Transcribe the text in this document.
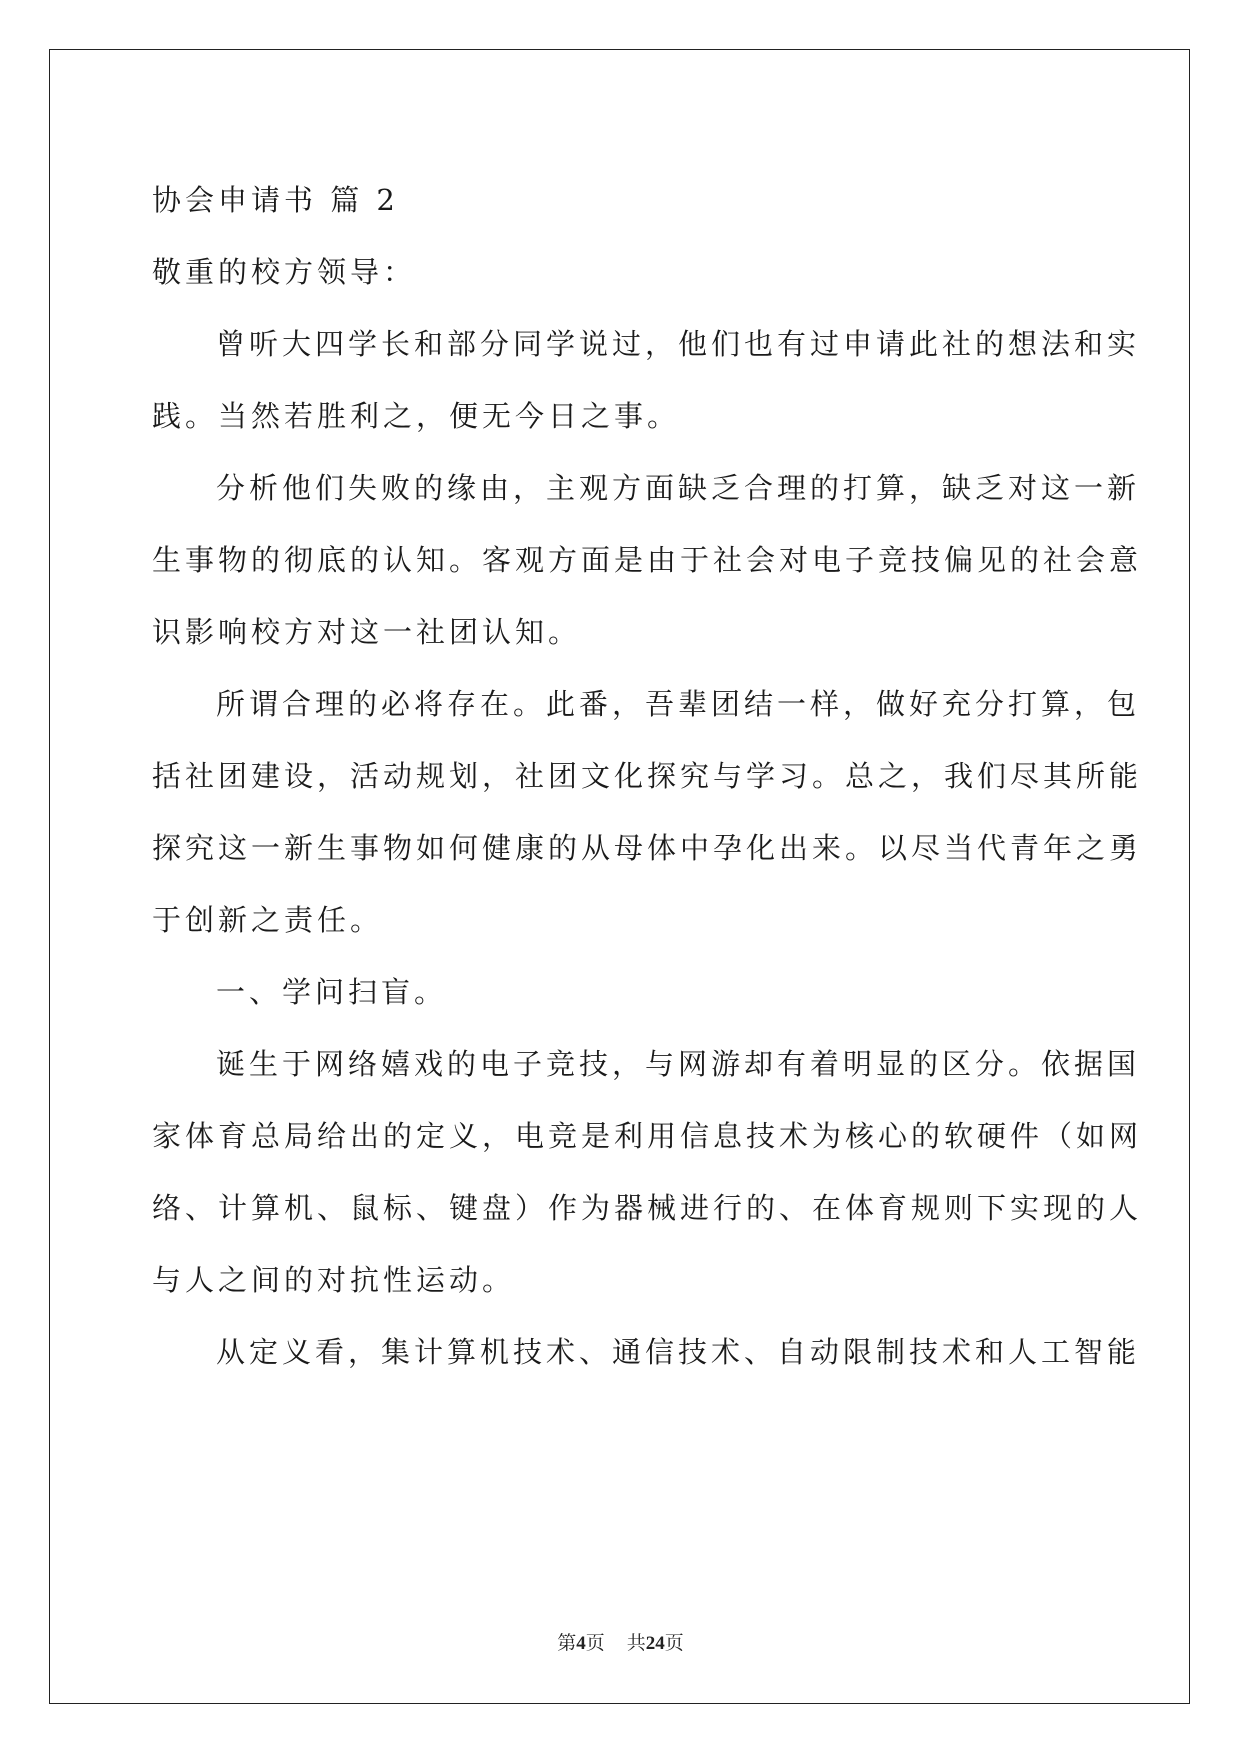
协会申请书 篇 2
敬重的校方领导：
曾听大四学长和部分同学说过，他们也有过申请此社的想法和实
践。当然若胜利之，便无今日之事。
分析他们失败的缘由，主观方面缺乏合理的打算，缺乏对这一新
生事物的彻底的认知。客观方面是由于社会对电子竞技偏见的社会意
识影响校方对这一社团认知。
所谓合理的必将存在。此番，吾辈团结一样，做好充分打算，包
括社团建设，活动规划，社团文化探究与学习。总之，我们尽其所能
探究这一新生事物如何健康的从母体中孕化出来。以尽当代青年之勇
于创新之责任。
一、学问扫盲。
诞生于网络嬉戏的电子竞技，与网游却有着明显的区分。依据国
家体育总局给出的定义，电竞是利用信息技术为核心的软硬件（如网
络、计算机、鼠标、键盘）作为器械进行的、在体育规则下实现的人
与人之间的对抗性运动。
从定义看，集计算机技术、通信技术、自动限制技术和人工智能
第4页 共24页
